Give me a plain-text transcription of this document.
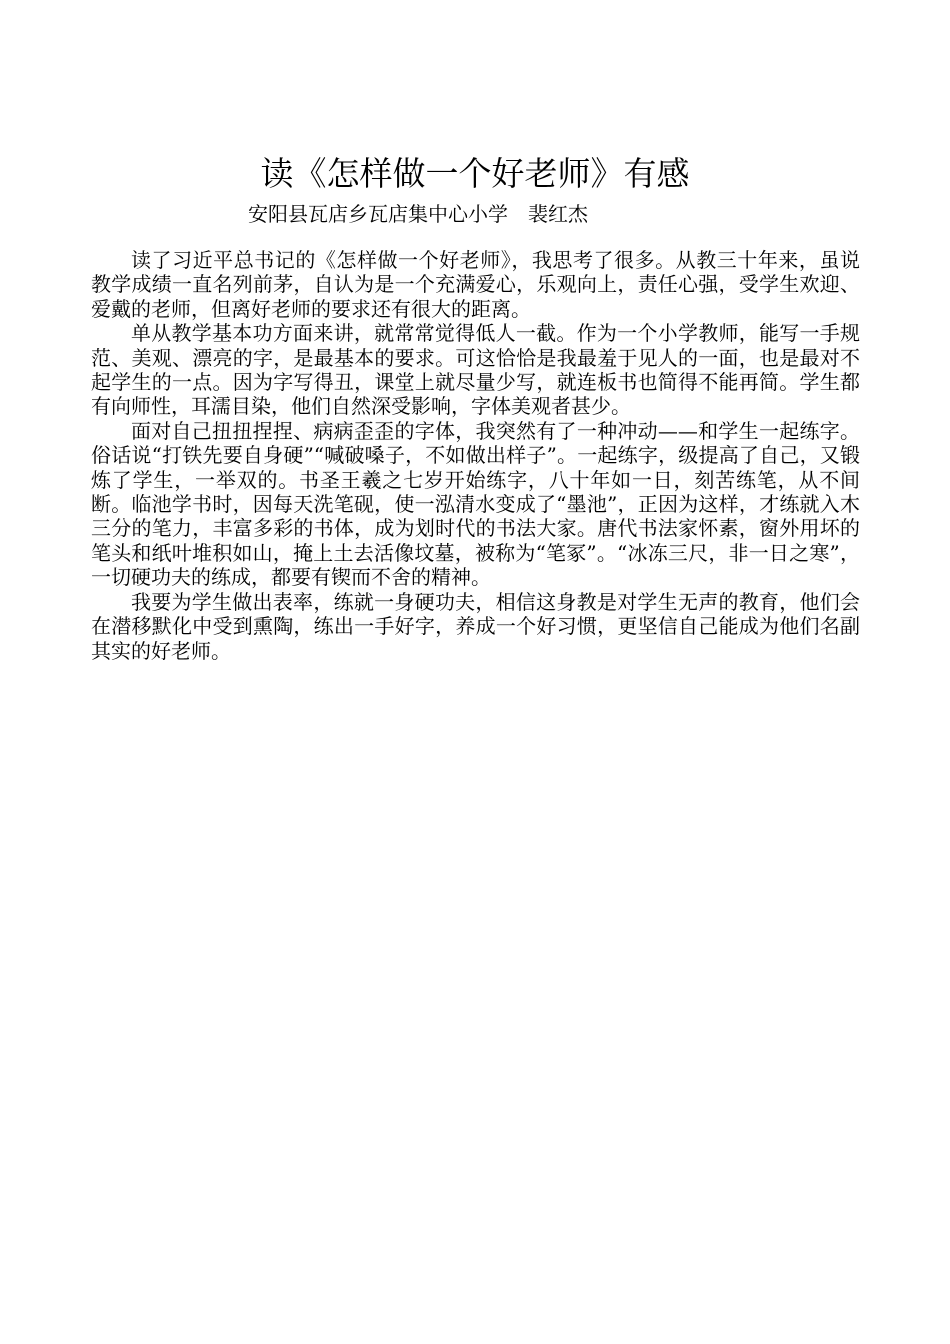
读《怎样做一个好老师》有感
安阳县瓦店乡瓦店集中心小学 裴红杰

读了习近平总书记的《怎样做一个好老师》，我思考了很多。从教三十年来，虽说教学成绩一直名列前茅，自认为是一个充满爱心，乐观向上，责任心强，受学生欢迎、爱戴的老师，但离好老师的要求还有很大的距离。

单从教学基本功方面来讲，就常常觉得低人一截。作为一个小学教师，能写一手规范、美观、漂亮的字，是最基本的要求。可这恰恰是我最羞于见人的一面，也是最对不起学生的一点。因为字写得丑，课堂上就尽量少写，就连板书也简得不能再简。学生都有向师性，耳濡目染，他们自然深受影响，字体美观者甚少。

面对自己扭扭捏捏、病病歪歪的字体，我突然有了一种冲动——和学生一起练字。俗话说“打铁先要自身硬”“喊破嗓子，不如做出样子”。一起练字，级提高了自己，又锻炼了学生，一举双的。书圣王羲之七岁开始练字，八十年如一日，刻苦练笔，从不间断。临池学书时，因每天洗笔砚，使一泓清水变成了“墨池”，正因为这样，才练就入木三分的笔力，丰富多彩的书体，成为划时代的书法大家。唐代书法家怀素，窗外用坏的笔头和纸叶堆积如山，掩上土去活像坟墓，被称为“笔冢”。“冰冻三尺，非一日之寒”，一切硬功夫的练成，都要有锲而不舍的精神。

我要为学生做出表率，练就一身硬功夫，相信这身教是对学生无声的教育，他们会在潜移默化中受到熏陶，练出一手好字，养成一个好习惯，更坚信自己能成为他们名副其实的好老师。
